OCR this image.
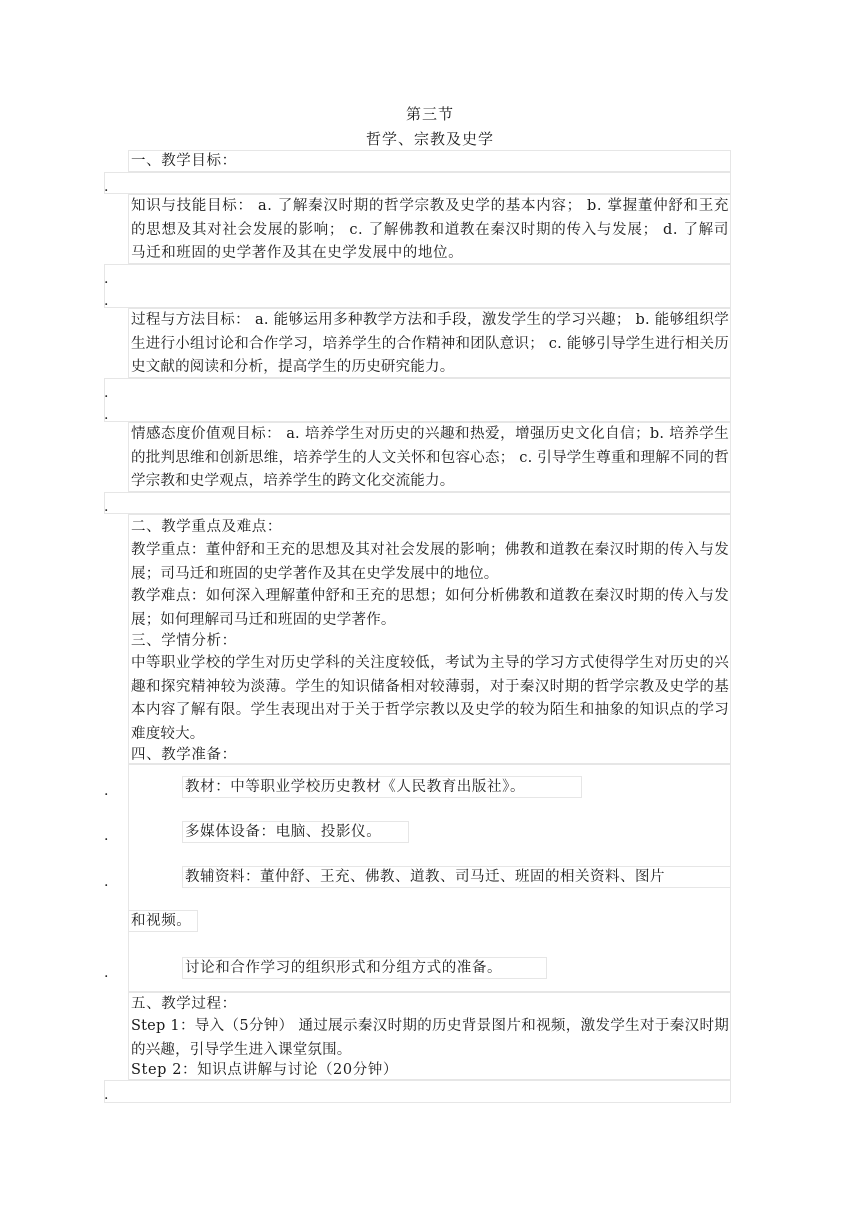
第三节
哲学、宗教及史学
一、教学目标：
.
知识与技能目标： a. 了解秦汉时期的哲学宗教及史学的基本内容； b. 掌握董仲舒和王充的思想及其对社会发展的影响； c. 了解佛教和道教在秦汉时期的传入与发展； d. 了解司马迁和班固的史学著作及其在史学发展中的地位。
.
.
过程与方法目标： a. 能够运用多种教学方法和手段，激发学生的学习兴趣； b. 能够组织学生进行小组讨论和合作学习，培养学生的合作精神和团队意识； c. 能够引导学生进行相关历史文献的阅读和分析，提高学生的历史研究能力。
.
.
情感态度价值观目标： a. 培养学生对历史的兴趣和热爱，增强历史文化自信；b. 培养学生的批判思维和创新思维，培养学生的人文关怀和包容心态； c. 引导学生尊重和理解不同的哲学宗教和史学观点，培养学生的跨文化交流能力。
.
二、教学重点及难点：
教学重点：董仲舒和王充的思想及其对社会发展的影响；佛教和道教在秦汉时期的传入与发展；司马迁和班固的史学著作及其在史学发展中的地位。
教学难点：如何深入理解董仲舒和王充的思想；如何分析佛教和道教在秦汉时期的传入与发展；如何理解司马迁和班固的史学著作。
三、学情分析：
中等职业学校的学生对历史学科的关注度较低，考试为主导的学习方式使得学生对历史的兴趣和探究精神较为淡薄。学生的知识储备相对较薄弱，对于秦汉时期的哲学宗教及史学的基本内容了解有限。学生表现出对于关于哲学宗教以及史学的较为陌生和抽象的知识点的学习难度较大。
四、教学准备：
.	教材：中等职业学校历史教材《人民教育出版社》。
.	多媒体设备：电脑、投影仪。
.	教辅资料：董仲舒、王充、佛教、道教、司马迁、班固的相关资料、图片
和视频。
.	讨论和合作学习的组织形式和分组方式的准备。
五、教学过程：
Step 1：导入（5分钟） 通过展示秦汉时期的历史背景图片和视频，激发学生对于秦汉时期的兴趣，引导学生进入课堂氛围。
Step 2：知识点讲解与讨论（20分钟）
.
